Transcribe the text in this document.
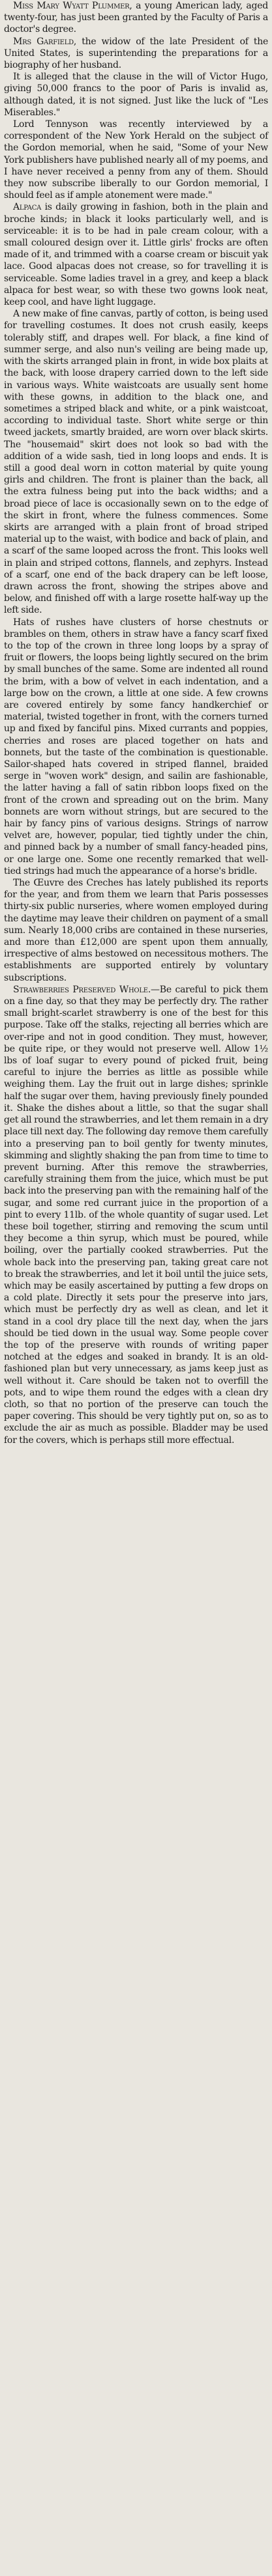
Miss Mary Wyatt Plummer, a young American lady, aged twenty-four, has just been granted by the Faculty of Paris a doctor's degree.

Mrs Garfield, the widow of the late President of the United States, is superintending the preparations for a biography of her husband.

It is alleged that the clause in the will of Victor Hugo, giving 50,000 francs to the poor of Paris is invalid as, although dated, it is not signed. Just like the luck of "Les Miserables."

Lord Tennyson was recently interviewed by a correspondent of the New York Herald on the subject of the Gordon memorial, when he said, "Some of your New York publishers have published nearly all of my poems, and I have never received a penny from any of them. Should they now subscribe liberally to our Gordon memorial, I should feel as if ample atonement were made."

Alpaca is daily growing in fashion, both in the plain and broche kinds; in black it looks particularly well, and is serviceable: it is to be had in pale cream colour, with a small coloured design over it. Little girls' frocks are often made of it, and trimmed with a coarse cream or biscuit yak lace. Good alpacas does not crease, so for travelling it is serviceable. Some ladies travel in a grey, and keep a black alpaca for best wear, so with these two gowns look neat, keep cool, and have light luggage.

A new make of fine canvas, partly of cotton, is being used for travelling costumes. It does not crush easily, keeps tolerably stiff, and drapes well. For black, a fine kind of summer serge, and also nun's veiling are being made up, with the skirts arranged plain in front, in wide box plaits at the back, with loose drapery carried down to the left side in various ways. White waistcoats are usually sent home with these gowns, in addition to the black one, and sometimes a striped black and white, or a pink waistcoat, according to individual taste. Short white serge or thin tweed jackets, smartly braided, are worn over black skirts. The "housemaid" skirt does not look so bad with the addition of a wide sash, tied in long loops and ends. It is still a good deal worn in cotton material by quite young girls and children. The front is plainer than the back, all the extra fulness being put into the back widths; and a broad piece of lace is occasionally sewn on to the edge of the skirt in front, where the fulness commences. Some skirts are arranged with a plain front of broad striped material up to the waist, with bodice and back of plain, and a scarf of the same looped across the front. This looks well in plain and striped cottons, flannels, and zephyrs. Instead of a scarf, one end of the back drapery can be left loose, drawn across the front, showing the stripes above and below, and finished off with a large rosette half-way up the left side.

Hats of rushes have clusters of horse chestnuts or brambles on them, others in straw have a fancy scarf fixed to the top of the crown in three long loops by a spray of fruit or flowers, the loops being lightly secured on the brim by small bunches of the same. Some are indented all round the brim, with a bow of velvet in each indentation, and a large bow on the crown, a little at one side. A few crowns are covered entirely by some fancy handkerchief or material, twisted together in front, with the corners turned up and fixed by fanciful pins. Mixed currants and poppies, cherries and roses are placed together on hats and bonnets, but the taste of the combination is questionable. Sailor-shaped hats covered in striped flannel, braided serge in "woven work" design, and sailin are fashionable, the latter having a fall of satin ribbon loops fixed on the front of the crown and spreading out on the brim. Many bonnets are worn without strings, but are secured to the hair by fancy pins of various designs. Strings of narrow velvet are, however, popular, tied tightly under the chin, and pinned back by a number of small fancy-headed pins, or one large one. Some one recently remarked that well-tied strings had much the appearance of a horse's bridle.

The Œuvre des Creches has lately published its reports for the year, and from them we learn that Paris possesses thirty-six public nurseries, where women employed during the daytime may leave their children on payment of a small sum. Nearly 18,000 cribs are contained in these nurseries, and more than £12,000 are spent upon them annually, irrespective of alms bestowed on necessitous mothers. The establishments are supported entirely by voluntary subscriptions.

Strawberries Preserved Whole.—Be careful to pick them on a fine day, so that they may be perfectly dry. The rather small bright-scarlet strawberry is one of the best for this purpose. Take off the stalks, rejecting all berries which are over-ripe and not in good condition. They must, however, be quite ripe, or they would not preserve well. Allow 1½ lbs of loaf sugar to every pound of picked fruit, being careful to injure the berries as little as possible while weighing them. Lay the fruit out in large dishes; sprinkle half the sugar over them, having previously finely pounded it. Shake the dishes about a little, so that the sugar shall get all round the strawberries, and let them remain in a dry place till next day. The following day remove them carefully into a preserving pan to boil gently for twenty minutes, skimming and slightly shaking the pan from time to time to prevent burning. After this remove the strawberries, carefully straining them from the juice, which must be put back into the preserving pan with the remaining half of the sugar, and some red currant juice in the proportion of a pint to every 11lb. of the whole quantity of sugar used. Let these boil together, stirring and removing the scum until they become a thin syrup, which must be poured, while boiling, over the partially cooked strawberries. Put the whole back into the preserving pan, taking great care not to break the strawberries, and let it boil until the juice sets, which may be easily ascertained by putting a few drops on a cold plate. Directly it sets pour the preserve into jars, which must be perfectly dry as well as clean, and let it stand in a cool dry place till the next day, when the jars should be tied down in the usual way. Some people cover the top of the preserve with rounds of writing paper notched at the edges and soaked in brandy. It is an old-fashioned plan but very unnecessary, as jams keep just as well without it. Care should be taken not to overfill the pots, and to wipe them round the edges with a clean dry cloth, so that no portion of the preserve can touch the paper covering. This should be very tightly put on, so as to exclude the air as much as possible. Bladder may be used for the covers, which is perhaps still more effectual.
